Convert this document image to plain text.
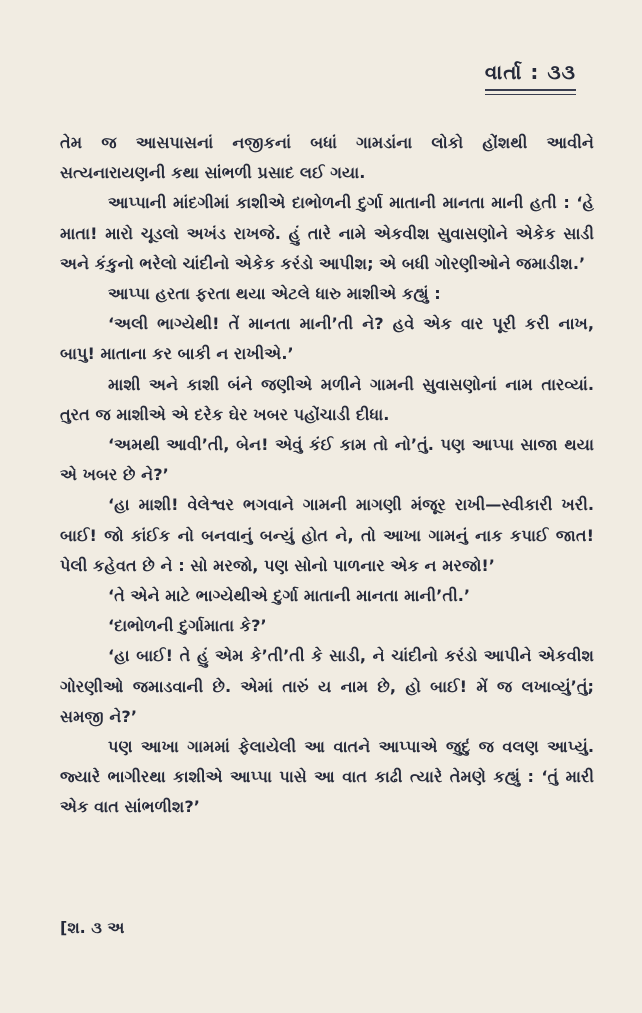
વાર્તા : ૩૩

તેમ જ આસપાસનાં નજીકનાં બધાં ગામડાંના લોકો હોંશથી આવીને સત્યનારાયણની કથા સાંભળી પ્રસાદ લઈ ગયા.

આપ્પાની માંદગીમાં કાશીએ દાભોળની દુર્ગા માતાની માનતા માની હતી : ‘હે માતા! મારો ચૂડલો અખંડ રાખજે. હું તારે નામે એકવીશ સુવાસણોને એકેક સાડી અને કંકુનો ભરેલો ચાંદીનો એકેક કરંડો આપીશ; એ બધી ગોરણીઓને જમાડીશ.’

આપ્પા હરતા ફરતા થયા એટલે ધારુ માશીએ કહ્યું :

‘અલી ભાગ્યેથી! તેં માનતા માની’તી ને? હવે એક વાર પૂરી કરી નાખ, બાપુ! માતાના કર બાકી ન રાખીએ.’

માશી અને કાશી બંને જણીએ મળીને ગામની સુવાસણોનાં નામ તારવ્યાં. તુરત જ માશીએ એ દરેક ઘેર ખબર પહોંચાડી દીધા.

‘અમથી આવી’તી, બેન! એવું કંઈ કામ તો નો’તું. પણ આપ્પા સાજા થયા એ ખબર છે ને?’

‘હા માશી! વેલેશ્વર ભગવાને ગામની માગણી મંજૂર રાખી—સ્વીકારી ખરી. બાઈ! જો કાંઈક નો બનવાનું બન્યું હોત ને, તો આખા ગામનું નાક કપાઈ જાત! પેલી કહેવત છે ને : સો મરજો, પણ સોનો પાળનાર એક ન મરજો!’

‘તે એને માટે ભાગ્યેથીએ દુર્ગા માતાની માનતા માની’તી.’

‘દાભોળની દુર્ગામાતા કે?’

‘હા બાઈ! તે હું એમ કે’તી’તી કે સાડી, ને ચાંદીનો કરંડો આપીને એકવીશ ગોરણીઓ જમાડવાની છે. એમાં તારું ય નામ છે, હો બાઈ! મેં જ લખાવ્યું’તું; સમજી ને?’

પણ આખા ગામમાં ફેલાયેલી આ વાતને આપ્પાએ જુદું જ વલણ આપ્યું. જ્યારે ભાગીરથા કાશીએ આપ્પા પાસે આ વાત કાઢી ત્યારે તેમણે કહ્યું : ‘તું મારી એક વાત સાંભળીશ?’

[શ. ૩ અ
